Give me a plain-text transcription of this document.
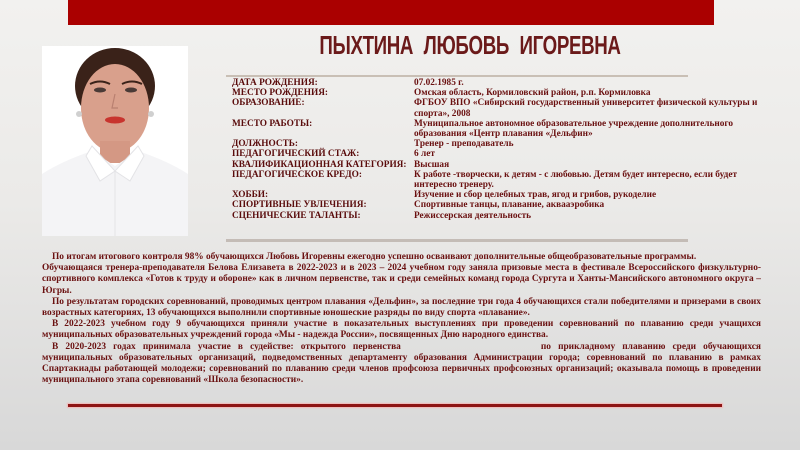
ПЫХТИНА ЛЮБОВЬ ИГОРЕВНА
ДАТА РОЖДЕНИЯ:	07.02.1985 г.
МЕСТО РОЖДЕНИЯ:	Омская область, Кормиловский район, р.п. Кормиловка
ОБРАЗОВАНИЕ:	ФГБОУ ВПО «Сибирский государственный университет физической культуры и спорта», 2008
МЕСТО РАБОТЫ:	Муниципальное автономное образовательное учреждение дополнительного образования «Центр плавания «Дельфин»
ДОЛЖНОСТЬ:	Тренер - преподаватель
ПЕДАГОГИЧЕСКИЙ СТАЖ:	6 лет
КВАЛИФИКАЦИОННАЯ КАТЕГОРИЯ: Высшая
ПЕДАГОГИЧЕСКОЕ КРЕДО:	К работе -творчески, к детям - с любовью. Детям будет интересно, если будет интересно тренеру.
ХОББИ:	Изучение и сбор целебных трав, ягод и грибов, рукоделие
СПОРТИВНЫЕ УВЛЕЧЕНИЯ:	Спортивные танцы, плавание, аквааэробика
СЦЕНИЧЕСКИЕ ТАЛАНТЫ:	Режиссерская деятельность

По итогам итогового контроля 98% обучающихся Любовь Игоревны ежегодно успешно осваивают дополнительные общеобразовательные программы.

Обучающаяся тренера-преподавателя Белова Елизавета в 2022-2023 и в 2023 – 2024 учебном году заняла призовые места в фестивале Всероссийского физкультурно-спортивного комплекса «Готов к труду и обороне» как в личном первенстве, так и среди семейных команд города Сургута и Ханты-Мансийского автономного округа – Югры.

По результатам городских соревнований, проводимых центром плавания «Дельфин», за последние три года 4 обучающихся стали победителями и призерами в своих возрастных категориях, 13 обучающихся выполнили спортивные юношеские разряды по виду спорта «плавание».

В 2022-2023 учебном году 9 обучающихся приняли участие в показательных выступлениях при проведении соревнований по плаванию среди учащихся муниципальных образовательных учреждений города «Мы - надежда России», посвященных Дню народного единства.

В 2020-2023 годах принимала участие в судействе: открытого первенства	по прикладному плаванию среди обучающихся муниципальных образовательных организаций, подведомственных департаменту образования Администрации города; соревнований по плаванию в рамках Спартакиады работающей молодежи; соревнований по плаванию среди членов профсоюза первичных профсоюзных организаций; оказывала помощь в проведении муниципального этапа соревнований «Школа безопасности».
